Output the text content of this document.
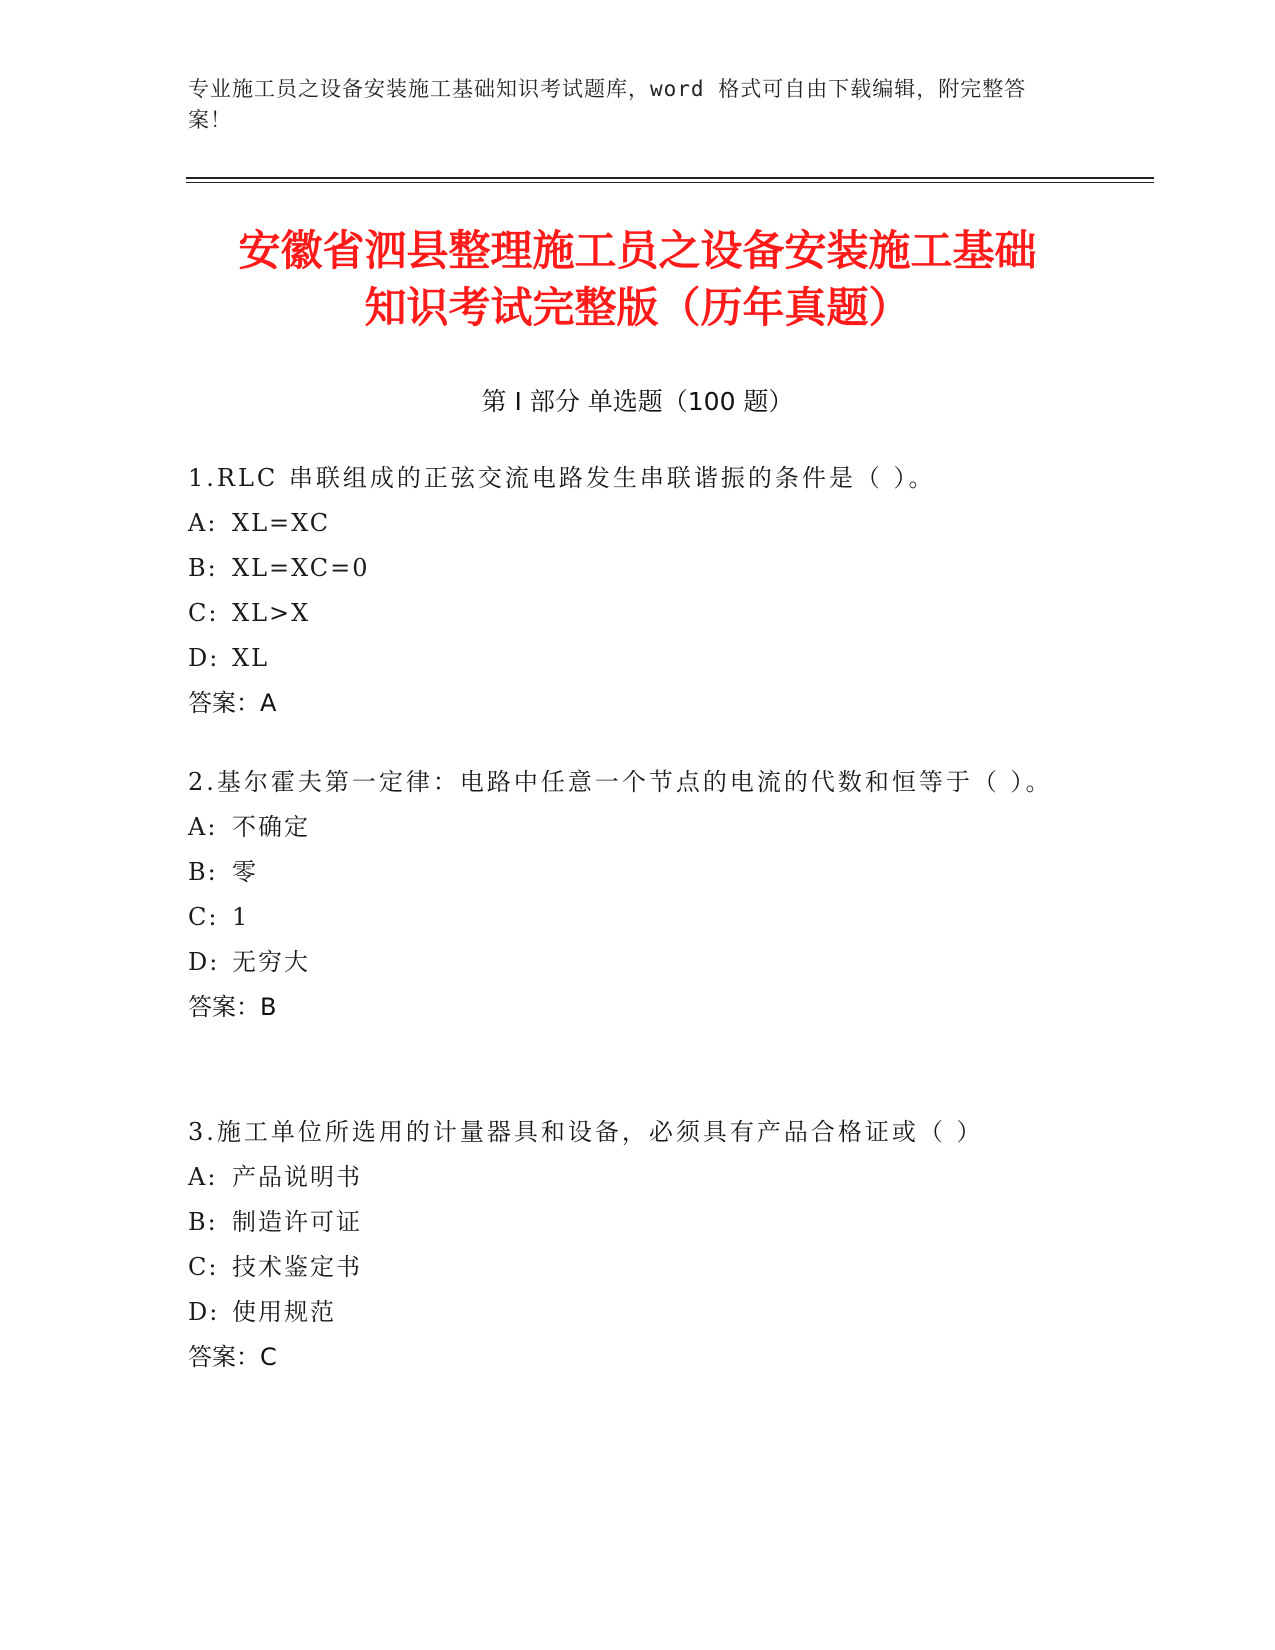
专业施工员之设备安装施工基础知识考试题库，word 格式可自由下载编辑，附完整答案！
安徽省泗县整理施工员之设备安装施工基础
知识考试完整版（历年真题）
第 I 部分 单选题（100 题）
1.RLC 串联组成的正弦交流电路发生串联谐振的条件是（ ）。
A: XL=XC
B: XL=XC=0
C: XL>X
D: XL
答案：A
2.基尔霍夫第一定律：电路中任意一个节点的电流的代数和恒等于（ ）。
A: 不确定
B: 零
C: 1
D: 无穷大
答案：B
3.施工单位所选用的计量器具和设备，必须具有产品合格证或（ ）
A: 产品说明书
B: 制造许可证
C: 技术鉴定书
D: 使用规范
答案：C
